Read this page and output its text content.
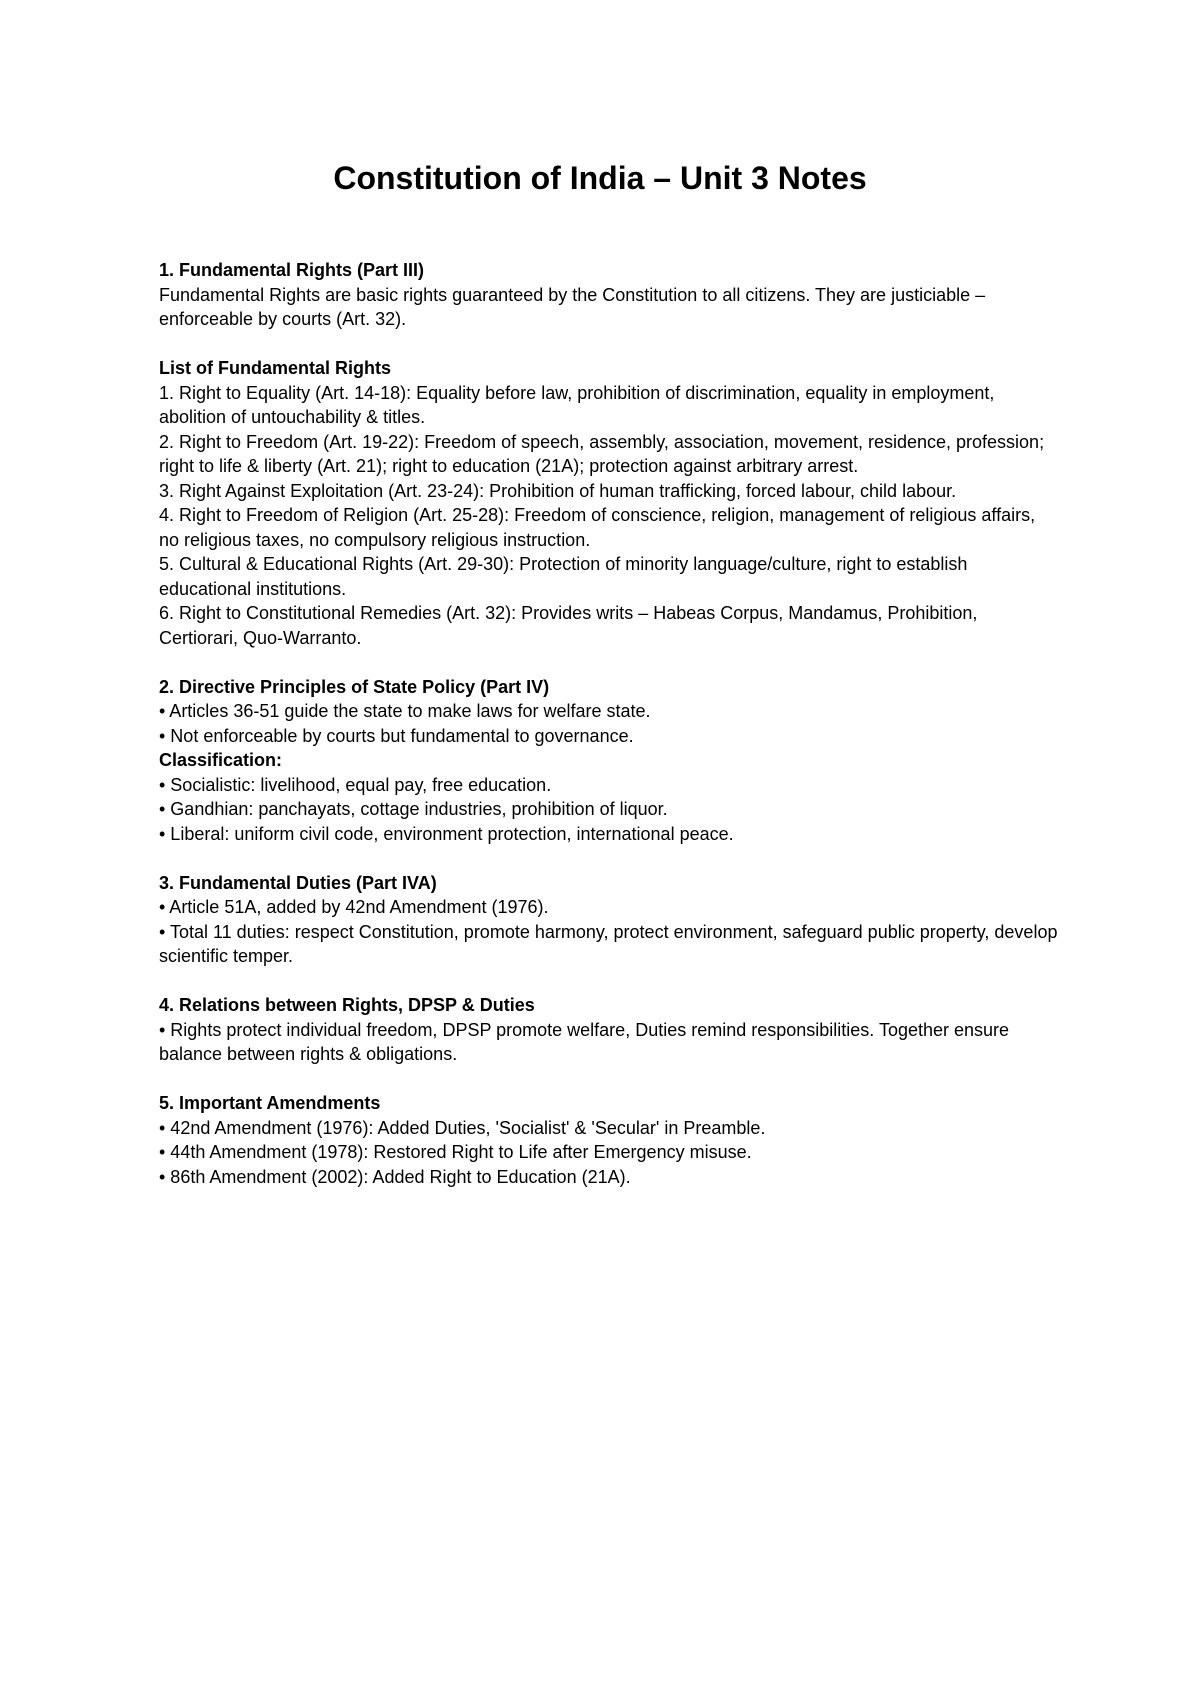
Constitution of India – Unit 3 Notes

1. Fundamental Rights (Part III)

Fundamental Rights are basic rights guaranteed by the Constitution to all citizens. They are justiciable – enforceable by courts (Art. 32).

List of Fundamental Rights

1. Right to Equality (Art. 14-18): Equality before law, prohibition of discrimination, equality in employment, abolition of untouchability & titles.

2. Right to Freedom (Art. 19-22): Freedom of speech, assembly, association, movement, residence, profession; right to life & liberty (Art. 21); right to education (21A); protection against arbitrary arrest.

3. Right Against Exploitation (Art. 23-24): Prohibition of human trafficking, forced labour, child labour.

4. Right to Freedom of Religion (Art. 25-28): Freedom of conscience, religion, management of religious affairs, no religious taxes, no compulsory religious instruction.

5. Cultural & Educational Rights (Art. 29-30): Protection of minority language/culture, right to establish educational institutions.

6. Right to Constitutional Remedies (Art. 32): Provides writs – Habeas Corpus, Mandamus, Prohibition, Certiorari, Quo-Warranto.

2. Directive Principles of State Policy (Part IV)

• Articles 36-51 guide the state to make laws for welfare state.

• Not enforceable by courts but fundamental to governance.

Classification:

• Socialistic: livelihood, equal pay, free education.

• Gandhian: panchayats, cottage industries, prohibition of liquor.

• Liberal: uniform civil code, environment protection, international peace.

3. Fundamental Duties (Part IVA)

• Article 51A, added by 42nd Amendment (1976).

• Total 11 duties: respect Constitution, promote harmony, protect environment, safeguard public property, develop scientific temper.

4. Relations between Rights, DPSP & Duties

• Rights protect individual freedom, DPSP promote welfare, Duties remind responsibilities. Together ensure balance between rights & obligations.

5. Important Amendments

• 42nd Amendment (1976): Added Duties, 'Socialist' & 'Secular' in Preamble.

• 44th Amendment (1978): Restored Right to Life after Emergency misuse.

• 86th Amendment (2002): Added Right to Education (21A).
